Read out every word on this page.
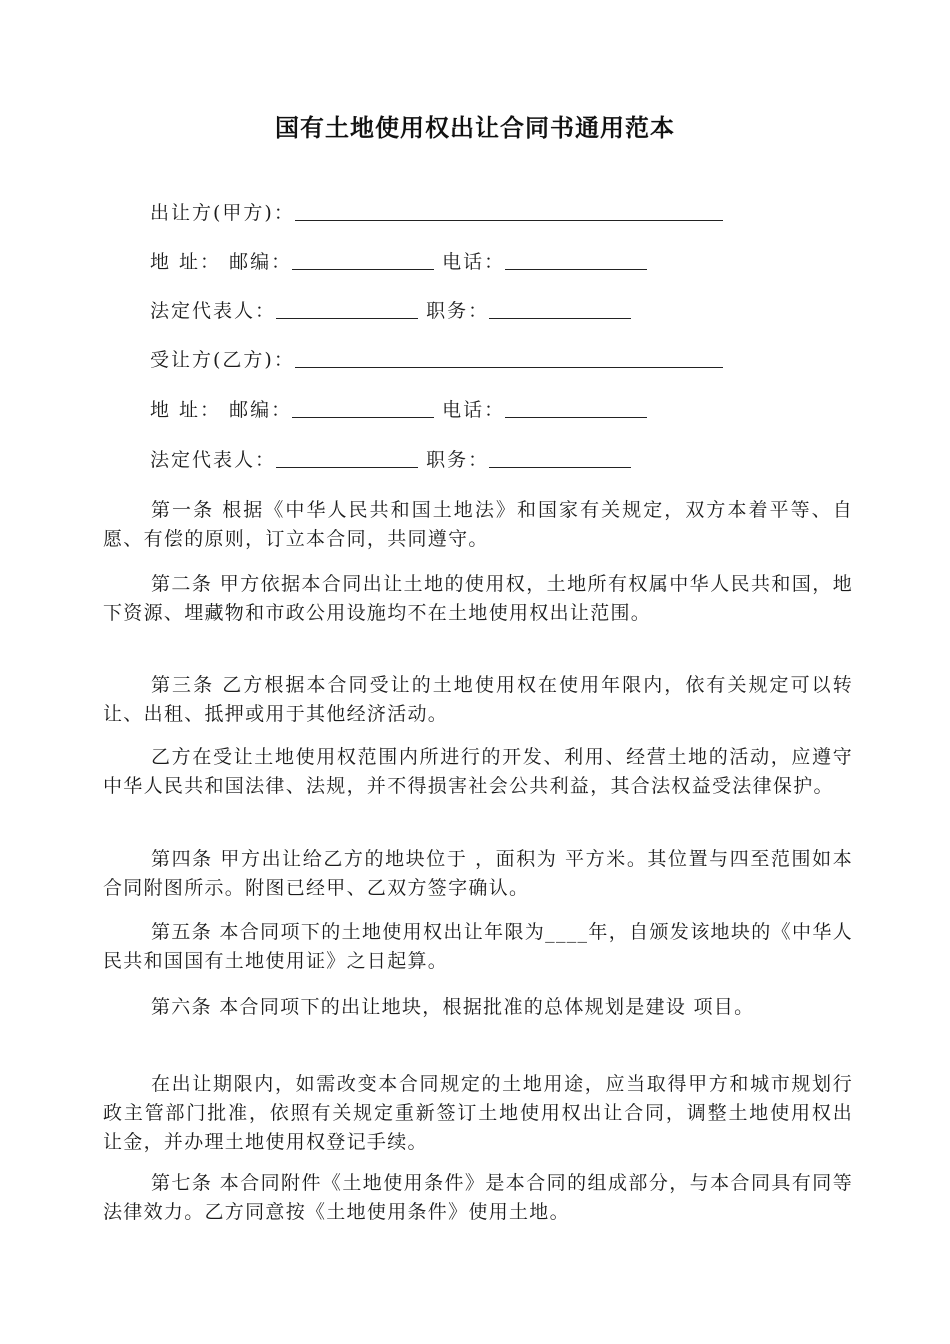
国有土地使用权出让合同书通用范本
出让方(甲方)：
地 址： 邮编：	电话：
法定代表人：	职务：
受让方(乙方)：
地 址： 邮编：	电话：
法定代表人：	职务：
第一条 根据《中华人民共和国土地法》和国家有关规定，双方本着平等、自愿、有偿的原则，订立本合同，共同遵守。
第二条 甲方依据本合同出让土地的使用权，土地所有权属中华人民共和国，地下资源、埋藏物和市政公用设施均不在土地使用权出让范围。
第三条 乙方根据本合同受让的土地使用权在使用年限内，依有关规定可以转让、出租、抵押或用于其他经济活动。
乙方在受让土地使用权范围内所进行的开发、利用、经营土地的活动，应遵守中华人民共和国法律、法规，并不得损害社会公共利益，其合法权益受法律保护。
第四条 甲方出让给乙方的地块位于 ，面积为 平方米。其位置与四至范围如本合同附图所示。附图已经甲、乙双方签字确认。
第五条 本合同项下的土地使用权出让年限为____年，自颁发该地块的《中华人民共和国国有土地使用证》之日起算。
第六条 本合同项下的出让地块，根据批准的总体规划是建设 项目。
在出让期限内，如需改变本合同规定的土地用途，应当取得甲方和城市规划行政主管部门批准，依照有关规定重新签订土地使用权出让合同，调整土地使用权出让金，并办理土地使用权登记手续。
第七条 本合同附件《土地使用条件》是本合同的组成部分，与本合同具有同等法律效力。乙方同意按《土地使用条件》使用土地。
